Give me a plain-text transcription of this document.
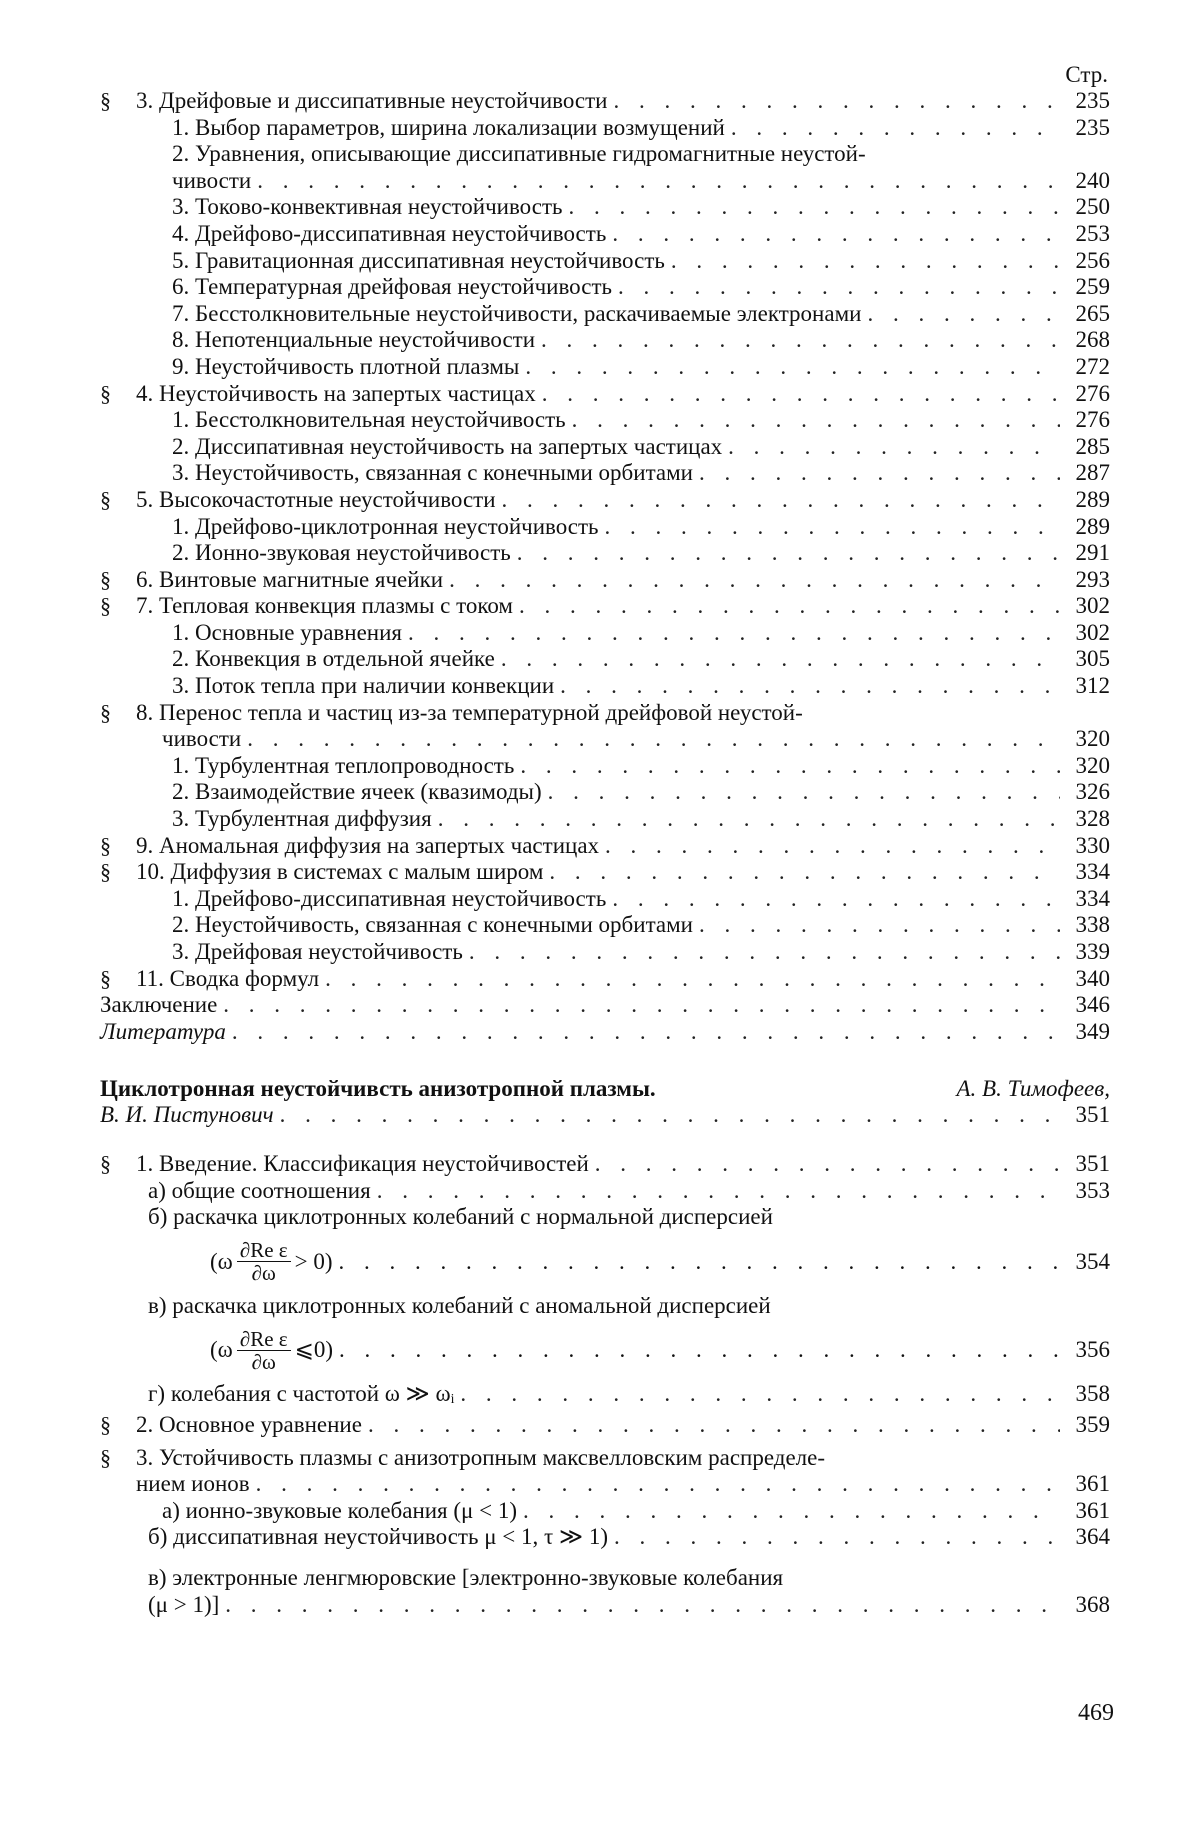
Стр.
§	3. Дрейфовые и диссипативные неустойчивости . . .	235
1. Выбор параметров, ширина локализации возмущений . . .	235
2. Уравнения, описывающие диссипативные гидромагнитные неустой-
чивости . . .	240
3. Токово-конвективная неустойчивость . . .	250
4. Дрейфово-диссипативная неустойчивость . . .	253
5. Гравитационная диссипативная неустойчивость . . .	256
6. Температурная дрейфовая неустойчивость . . .	259
7. Бесстолкновительные неустойчивости, раскачиваемые электронами . . .	265
8. Непотенциальные неустойчивости . . .	268
9. Неустойчивость плотной плазмы . . .	272
§	4. Неустойчивость на запертых частицах . . .	276
1. Бесстолкновительная неустойчивость . . .	276
2. Диссипативная неустойчивость на запертых частицах . . .	285
3. Неустойчивость, связанная с конечными орбитами . . .	287
§	5. Высокочастотные неустойчивости . . .	289
1. Дрейфово-циклотронная неустойчивость . . .	289
2. Ионно-звуковая неустойчивость . . .	291
§	6. Винтовые магнитные ячейки . . .	293
§	7. Тепловая конвекция плазмы с током . . .	302
1. Основные уравнения . . .	302
2. Конвекция в отдельной ячейке . . .	305
3. Поток тепла при наличии конвекции . . .	312
§	8. Перенос тепла и частиц из-за температурной дрейфовой неустой-
чивости . . .	320
1. Турбулентная теплопроводность . . .	320
2. Взаимодействие ячеек (квазимоды) . . .	326
3. Турбулентная диффузия . . .	328
§	9. Аномальная диффузия на запертых частицах . . .	330
§	10. Диффузия в системах с малым широм . . .	334
1. Дрейфово-диссипативная неустойчивость . . .	334
2. Неустойчивость, связанная с конечными орбитами . . .	338
3. Дрейфовая неустойчивость . . .	339
§	11. Сводка формул . . .	340
Заключение . . .	346
Литература . . .	349
Циклотронная неустойчивсть анизотропной плазмы.	А. В. Тимофеев,
В. И. Пистунович . . .	351
§	1. Введение. Классификация неустойчивостей . . .	351
а) общие соотношения . . .	353
б) раскачка циклотронных колебаний с нормальной дисперсией
$(\omega \frac{\text{∂Re ε}}{\partial\omega} > 0)$ . . .	354
в) раскачка циклотронных колебаний с аномальной дисперсией
($\omega \frac{\text{∂Re ε}}{\partial\omega}$ ⩽0) . . .	356
г) колебания с частотой ω ≫ ωᵢ . . .	358
§	2. Основное уравнение . . .	359
§	3. Устойчивость плазмы с анизотропным максвелловским распределе-
нием ионов . . .	361
а) ионно-звуковые колебания (μ < 1) . . .	361
б) диссипативная неустойчивость μ < 1, τ ≫ 1) . . .	364
в) электронные ленгмюровские [электронно-звуковые колебания
(μ > 1)] . . .	368
469
